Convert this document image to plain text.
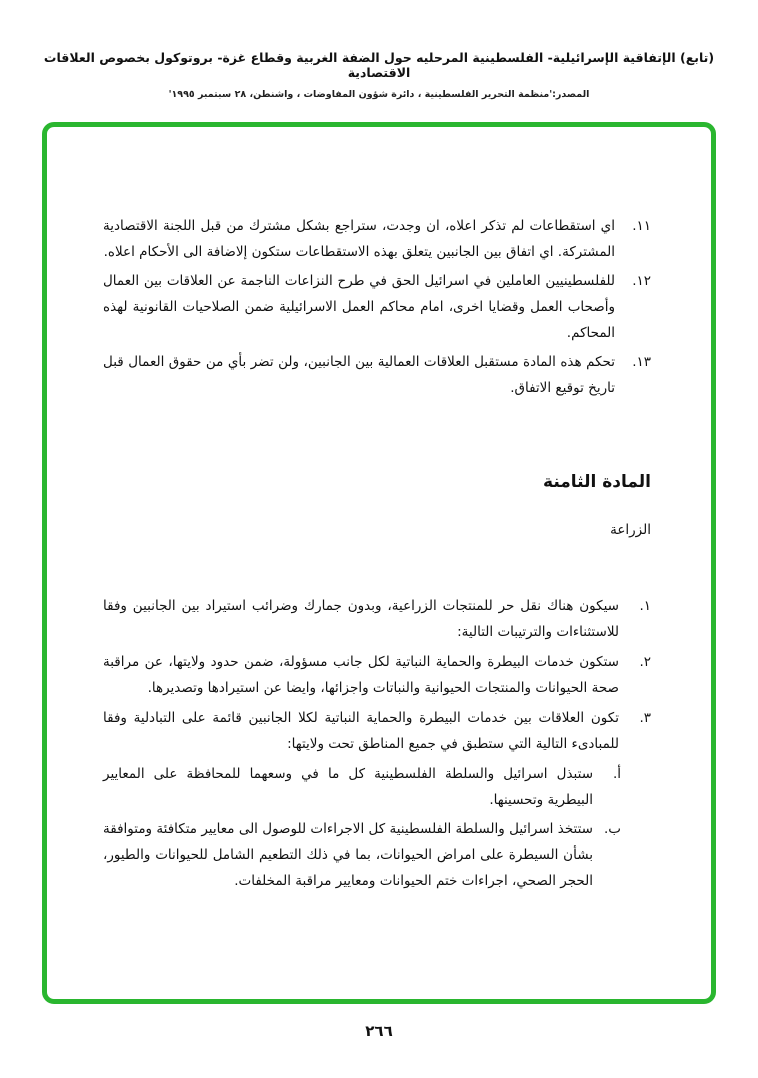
(تابع) الإتفاقية الإسرائيلية- الفلسطينية المرحليه حول الضفة الغربية وقطاع غزة- بروتوكول بخصوص العلاقات الاقتصادية
المصدر:'منظمة التحرير الفلسطينية ، دائرة شؤون المفاوضات ، واشنطن، ٢٨ سبتمبر ١٩٩٥'
١١.
اي استقطاعات لم تذكر اعلاه، ان وجدت، ستراجع بشكل مشترك من قبل اللجنة الاقتصادية المشتركة. اي اتفاق بين الجانبين يتعلق بهذه الاستقطاعات ستكون إلاضافة الى الأحكام اعلاه.
١٢.
للفلسطينيين العاملين في اسرائيل الحق في طرح النزاعات الناجمة عن العلاقات بين العمال وأصحاب العمل وقضايا اخرى، امام محاكم العمل الاسرائيلية ضمن الصلاحيات القانونية لهذه المحاكم.
١٣.
تحكم هذه المادة مستقبل العلاقات العمالية بين الجانبين، ولن تضر بأي من حقوق العمال قبل تاريخ توقيع الاتفاق.
المادة الثامنة
الزراعة
١.
سيكون هناك نقل حر للمنتجات الزراعية، وبدون جمارك وضرائب استيراد بين الجانبين وفقا للاستثناءات والترتيبات التالية:
٢.
ستكون خدمات البيطرة والحماية النباتية لكل جانب مسؤولة، ضمن حدود ولايتها، عن مراقبة صحة الحيوانات والمنتجات الحيوانية والنباتات واجزائها، وايضا عن استيرادها وتصديرها.
٣.
تكون العلاقات بين خدمات البيطرة والحماية النباتية لكلا الجانبين قائمة على التبادلية وفقا للمبادىء التالية التي ستطبق في جميع المناطق تحت ولايتها:
أ.
ستبذل اسرائيل والسلطة الفلسطينية كل ما في وسعهما للمحافظة على المعايير البيطرية وتحسينها.
ب.
ستتخذ اسرائيل والسلطة الفلسطينية كل الاجراءات للوصول الى معايير متكافئة ومتوافقة بشأن السيطرة على امراض الحيوانات، بما في ذلك التطعيم الشامل للحيوانات والطيور، الحجر الصحي، اجراءات ختم الحيوانات ومعايير مراقبة المخلفات.
٢٦٦
